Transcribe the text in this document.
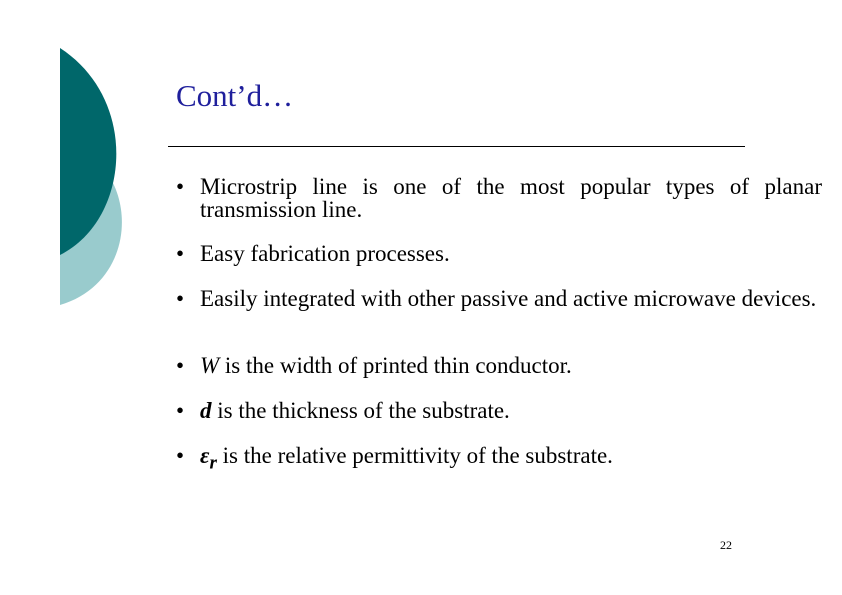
Cont’d…
• Microstrip line is one of the most popular types of planar transmission line.
• Easy fabrication processes.
• Easily integrated with other passive and active microwave devices.
• W is the width of printed thin conductor.
• d is the thickness of the substrate.
• $\varepsilon_r$ is the relative permittivity of the substrate.
22
